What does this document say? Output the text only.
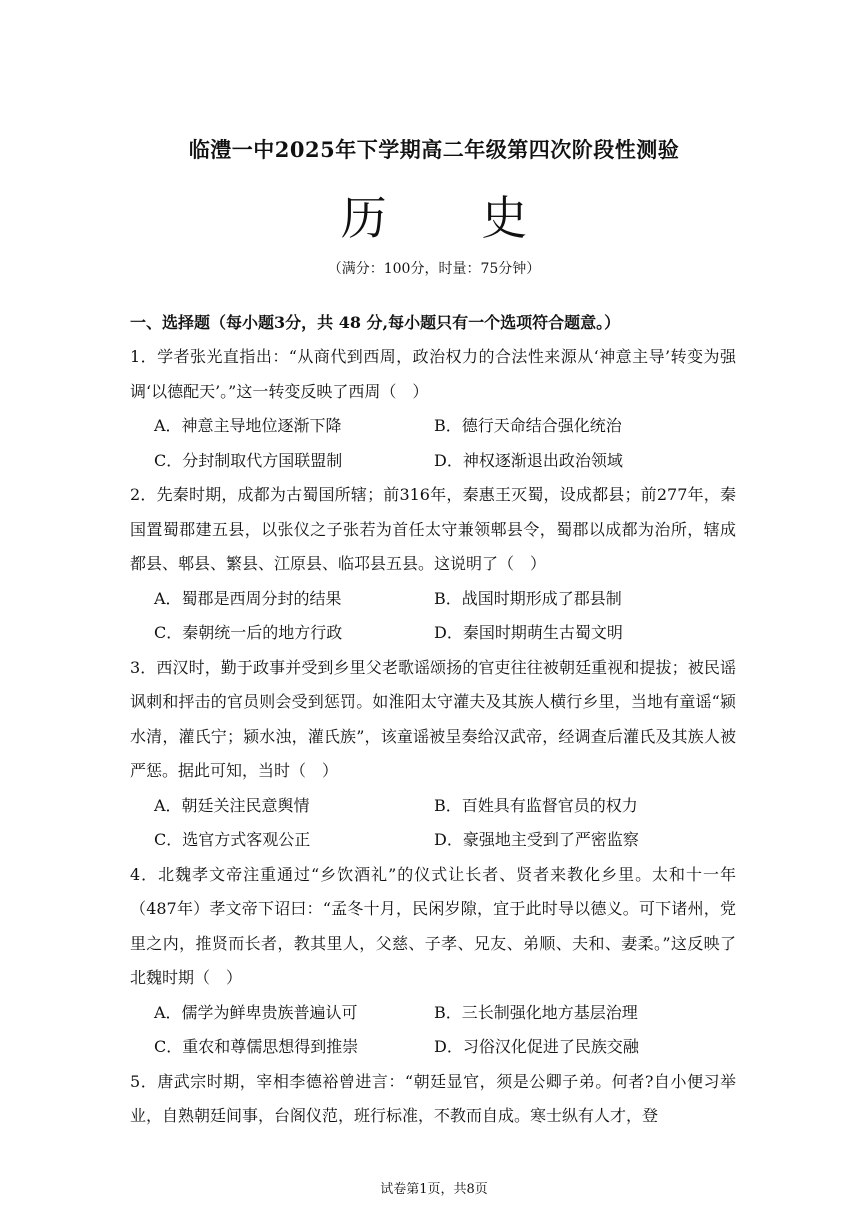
临澧一中2025年下学期高二年级第四次阶段性测验
历 史
（满分：100分，时量：75分钟）
一、选择题（每小题3分，共 48 分,每小题只有一个选项符合题意。）

1．学者张光直指出：“从商代到西周，政治权力的合法性来源从‘神意主导’转变为强调‘以德配天’。”这一转变反映了西周（　）

A．神意主导地位逐渐下降	B．德行天命结合强化统治
C．分封制取代方国联盟制	D．神权逐渐退出政治领域

2．先秦时期，成都为古蜀国所辖；前316年，秦惠王灭蜀，设成都县；前277年，秦国置蜀郡建五县，以张仪之子张若为首任太守兼领郫县令，蜀郡以成都为治所，辖成都县、郫县、繁县、江原县、临邛县五县。这说明了（　）

A．蜀郡是西周分封的结果	B．战国时期形成了郡县制
C．秦朝统一后的地方行政	D．秦国时期萌生古蜀文明

3．西汉时，勤于政事并受到乡里父老歌谣颂扬的官吏往往被朝廷重视和提拔；被民谣讽刺和抨击的官员则会受到惩罚。如淮阳太守灌夫及其族人横行乡里，当地有童谣“颍水清，灌氏宁；颍水浊，灌氏族”，该童谣被呈奏给汉武帝，经调查后灌氏及其族人被严惩。据此可知，当时（　）

A．朝廷关注民意舆情	B．百姓具有监督官员的权力
C．选官方式客观公正	D．豪强地主受到了严密监察

4．北魏孝文帝注重通过“乡饮酒礼”的仪式让长者、贤者来教化乡里。太和十一年（487年）孝文帝下诏曰：“孟冬十月，民闲岁隙，宜于此时导以德义。可下诸州，党里之内，推贤而长者，教其里人，父慈、子孝、兄友、弟顺、夫和、妻柔。”这反映了北魏时期（　）

A．儒学为鲜卑贵族普遍认可	B．三长制强化地方基层治理
C．重农和尊儒思想得到推崇	D．习俗汉化促进了民族交融

5．唐武宗时期，宰相李德裕曾进言：“朝廷显官，须是公卿子弟。何者?自小便习举业，自熟朝廷间事，台阁仪范，班行标准，不教而自成。寒士纵有人才，登

试卷第1页，共8页
